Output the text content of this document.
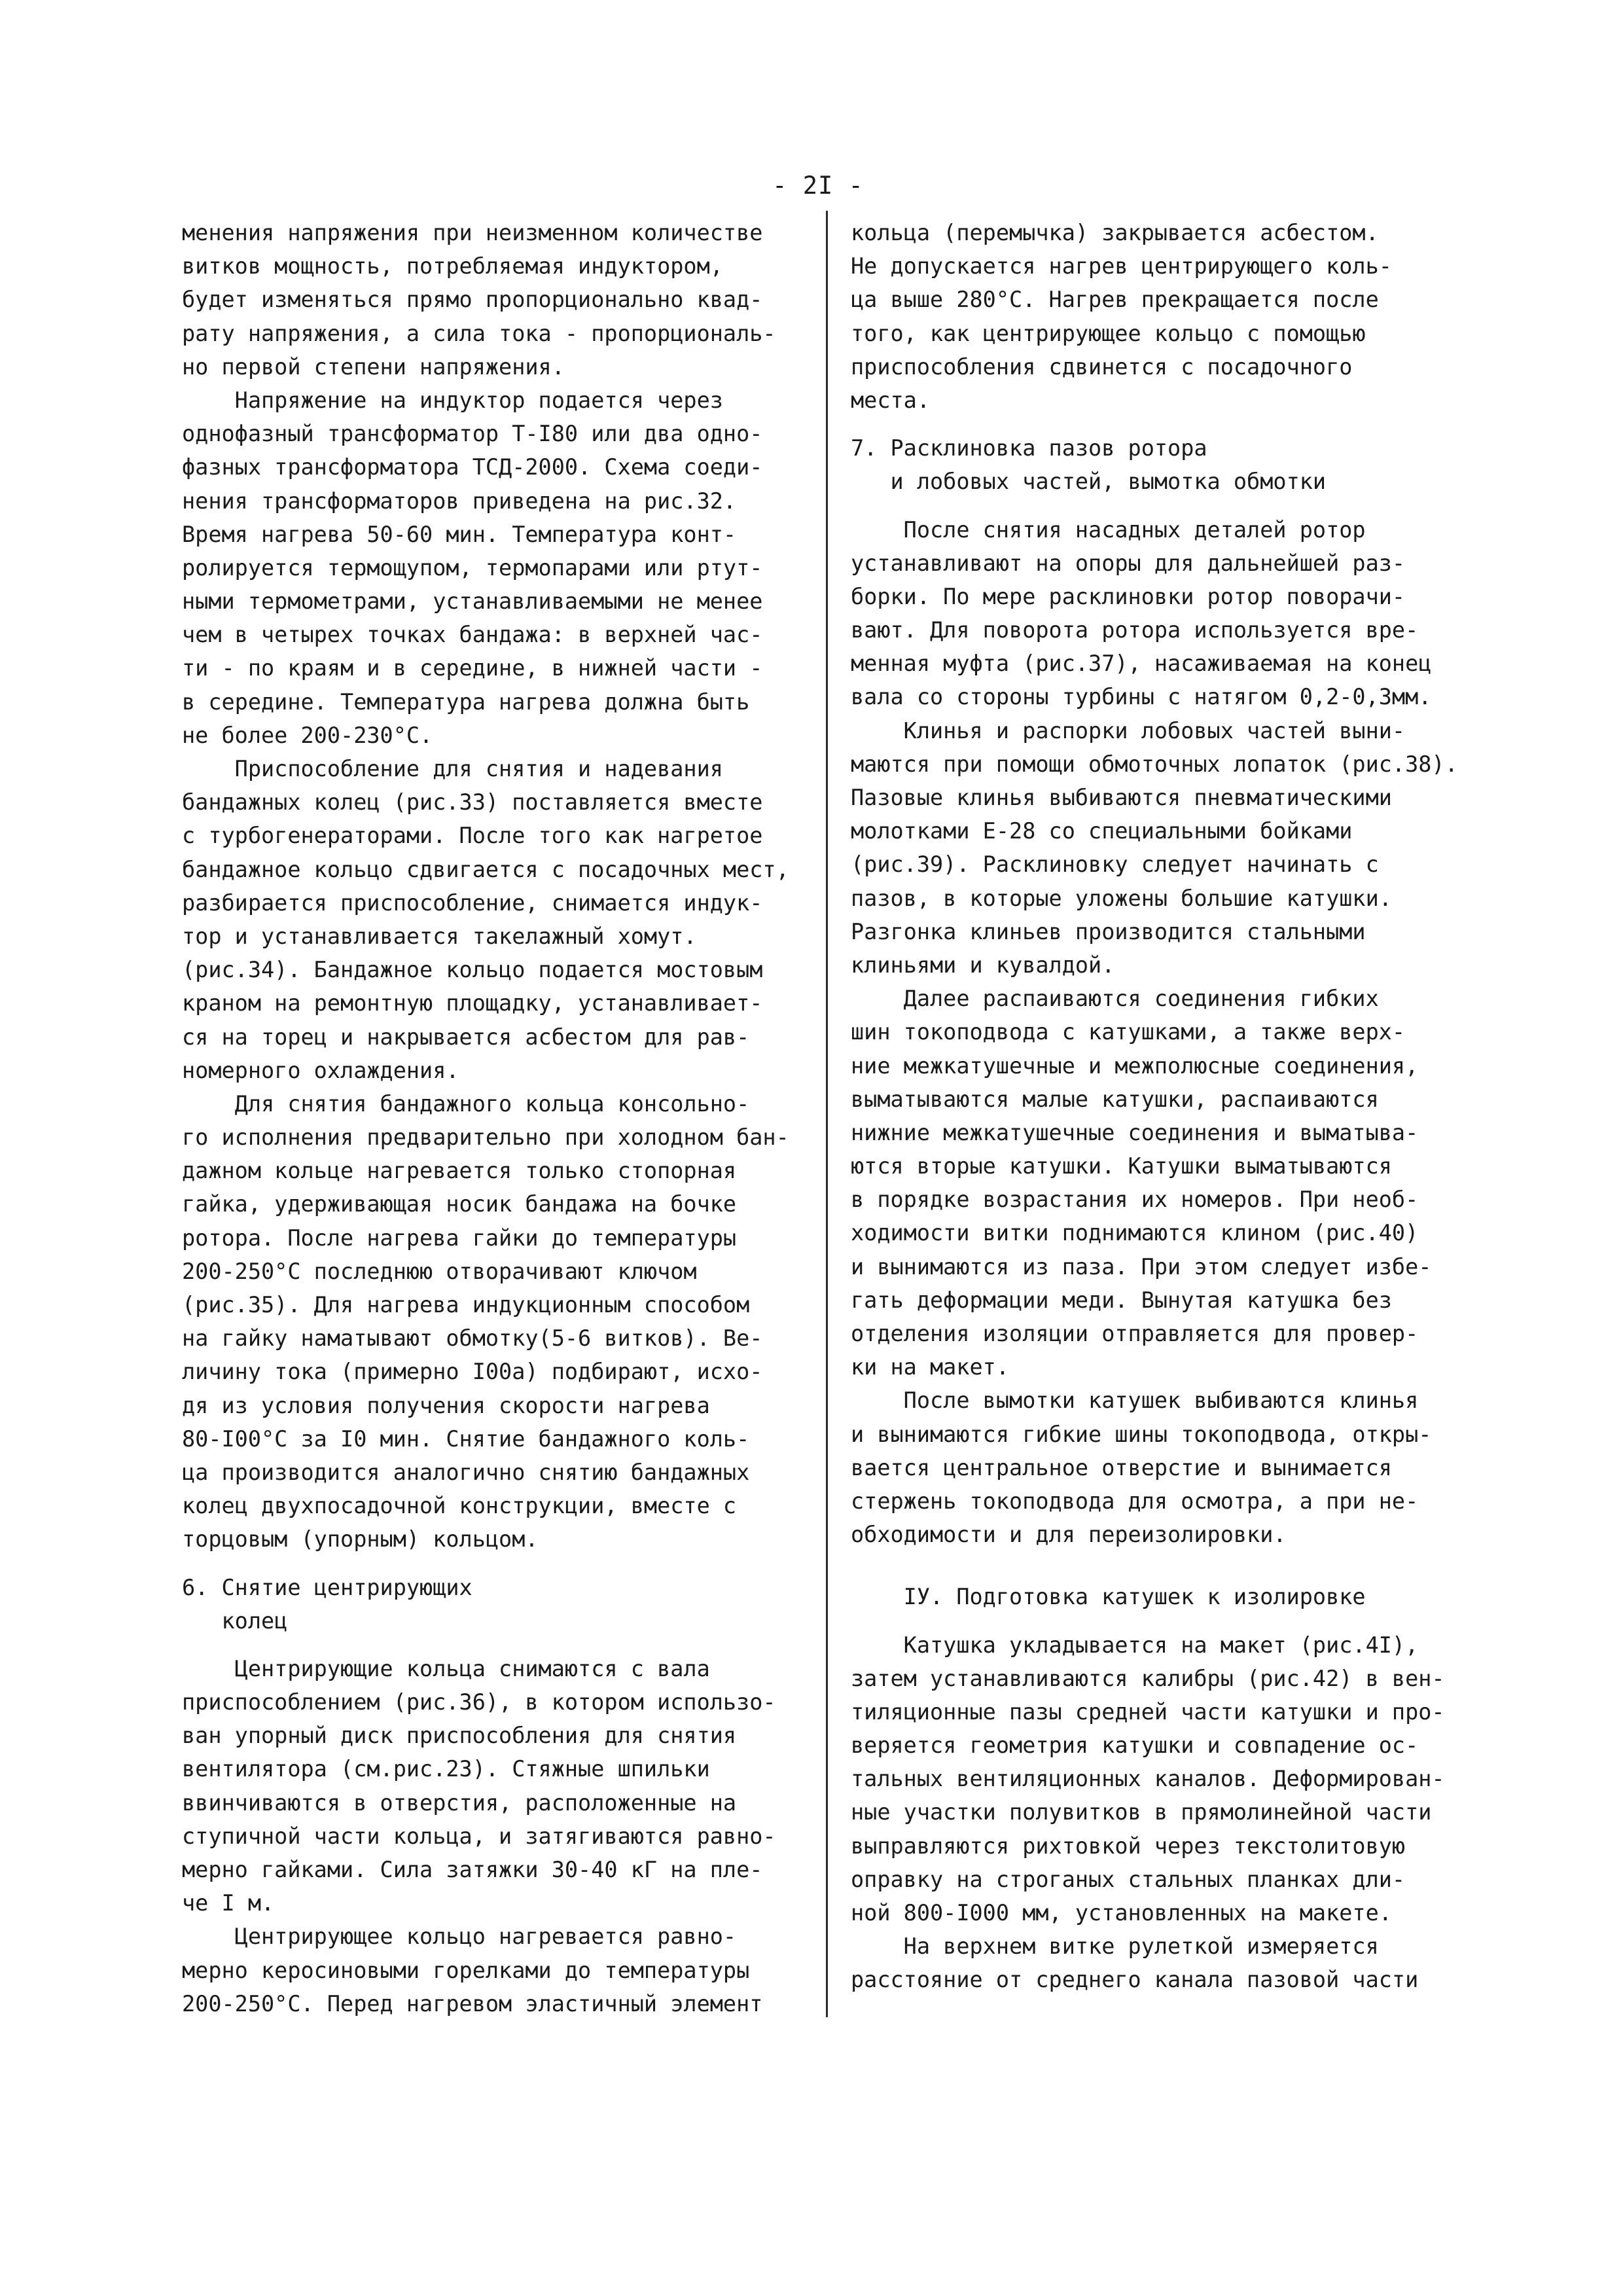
- 2I -
менения напряжения при неизменном количестве
витков мощность, потребляемая индуктором,
будет изменяться прямо пропорционально квад-
рату напряжения, а сила тока - пропорциональ-
но первой степени напряжения.
Напряжение на индуктор подается через
однофазный трансформатор Т-I80 или два одно-
фазных трансформатора ТСД-2000. Схема соеди-
нения трансформаторов приведена на рис.32.
Время нагрева 50-60 мин. Температура конт-
ролируется термощупом, термопарами или ртут-
ными термометрами, устанавливаемыми не менее
чем в четырех точках бандажа: в верхней час-
ти - по краям и в середине, в нижней части -
в середине. Температура нагрева должна быть
не более 200-230°С.
Приспособление для снятия и надевания
бандажных колец (рис.33) поставляется вместе
с турбогенераторами. После того как нагретое
бандажное кольцо сдвигается с посадочных мест,
разбирается приспособление, снимается индук-
тор и устанавливается такелажный хомут.
(рис.34). Бандажное кольцо подается мостовым
краном на ремонтную площадку, устанавливает-
ся на торец и накрывается асбестом для рав-
номерного охлаждения.
Для снятия бандажного кольца консольно-
го исполнения предварительно при холодном бан-
дажном кольце нагревается только стопорная
гайка, удерживающая носик бандажа на бочке
ротора. После нагрева гайки до температуры
200-250°С последнюю отворачивают ключом
(рис.35). Для нагрева индукционным способом
на гайку наматывают обмотку(5-6 витков). Ве-
личину тока (примерно I00а) подбирают, исхо-
дя из условия получения скорости нагрева
80-I00°С за I0 мин. Снятие бандажного коль-
ца производится аналогично снятию бандажных
колец двухпосадочной конструкции, вместе с
торцовым (упорным) кольцом.
6. Снятие центрирующих
колец
Центрирующие кольца снимаются с вала
приспособлением (рис.36), в котором использо-
ван упорный диск приспособления для снятия
вентилятора (см.рис.23). Стяжные шпильки
ввинчиваются в отверстия, расположенные на
ступичной части кольца, и затягиваются равно-
мерно гайками. Сила затяжки 30-40 кГ на пле-
че I м.
Центрирующее кольцо нагревается равно-
мерно керосиновыми горелками до температуры
200-250°С. Перед нагревом эластичный элемент
кольца (перемычка) закрывается асбестом.
Не допускается нагрев центрирующего коль-
ца выше 280°С. Нагрев прекращается после
того, как центрирующее кольцо с помощью
приспособления сдвинется с посадочного
места.
7. Расклиновка пазов ротора
и лобовых частей, вымотка обмотки
После снятия насадных деталей ротор
устанавливают на опоры для дальнейшей раз-
борки. По мере расклиновки ротор поворачи-
вают. Для поворота ротора используется вре-
менная муфта (рис.37), насаживаемая на конец
вала со стороны турбины с натягом 0,2-0,3мм.
Клинья и распорки лобовых частей выни-
маются при помощи обмоточных лопаток (рис.38).
Пазовые клинья выбиваются пневматическими
молотками Е-28 со специальными бойками
(рис.39). Расклиновку следует начинать с
пазов, в которые уложены большие катушки.
Разгонка клиньев производится стальными
клиньями и кувалдой.
Далее распаиваются соединения гибких
шин токоподвода с катушками, а также верх-
ние межкатушечные и межполюсные соединения,
выматываются малые катушки, распаиваются
нижние межкатушечные соединения и выматыва-
ются вторые катушки. Катушки выматываются
в порядке возрастания их номеров. При необ-
ходимости витки поднимаются клином (рис.40)
и вынимаются из паза. При этом следует избе-
гать деформации меди. Вынутая катушка без
отделения изоляции отправляется для провер-
ки на макет.
После вымотки катушек выбиваются клинья
и вынимаются гибкие шины токоподвода, откры-
вается центральное отверстие и вынимается
стержень токоподвода для осмотра, а при не-
обходимости и для переизолировки.
IУ. Подготовка катушек к изолировке
Катушка укладывается на макет (рис.4I),
затем устанавливаются калибры (рис.42) в вен-
тиляционные пазы средней части катушки и про-
веряется геометрия катушки и совпадение ос-
тальных вентиляционных каналов. Деформирован-
ные участки полувитков в прямолинейной части
выправляются рихтовкой через текстолитовую
оправку на строганых стальных планках дли-
ной 800-I000 мм, установленных на макете.
На верхнем витке рулеткой измеряется
расстояние от среднего канала пазовой части
